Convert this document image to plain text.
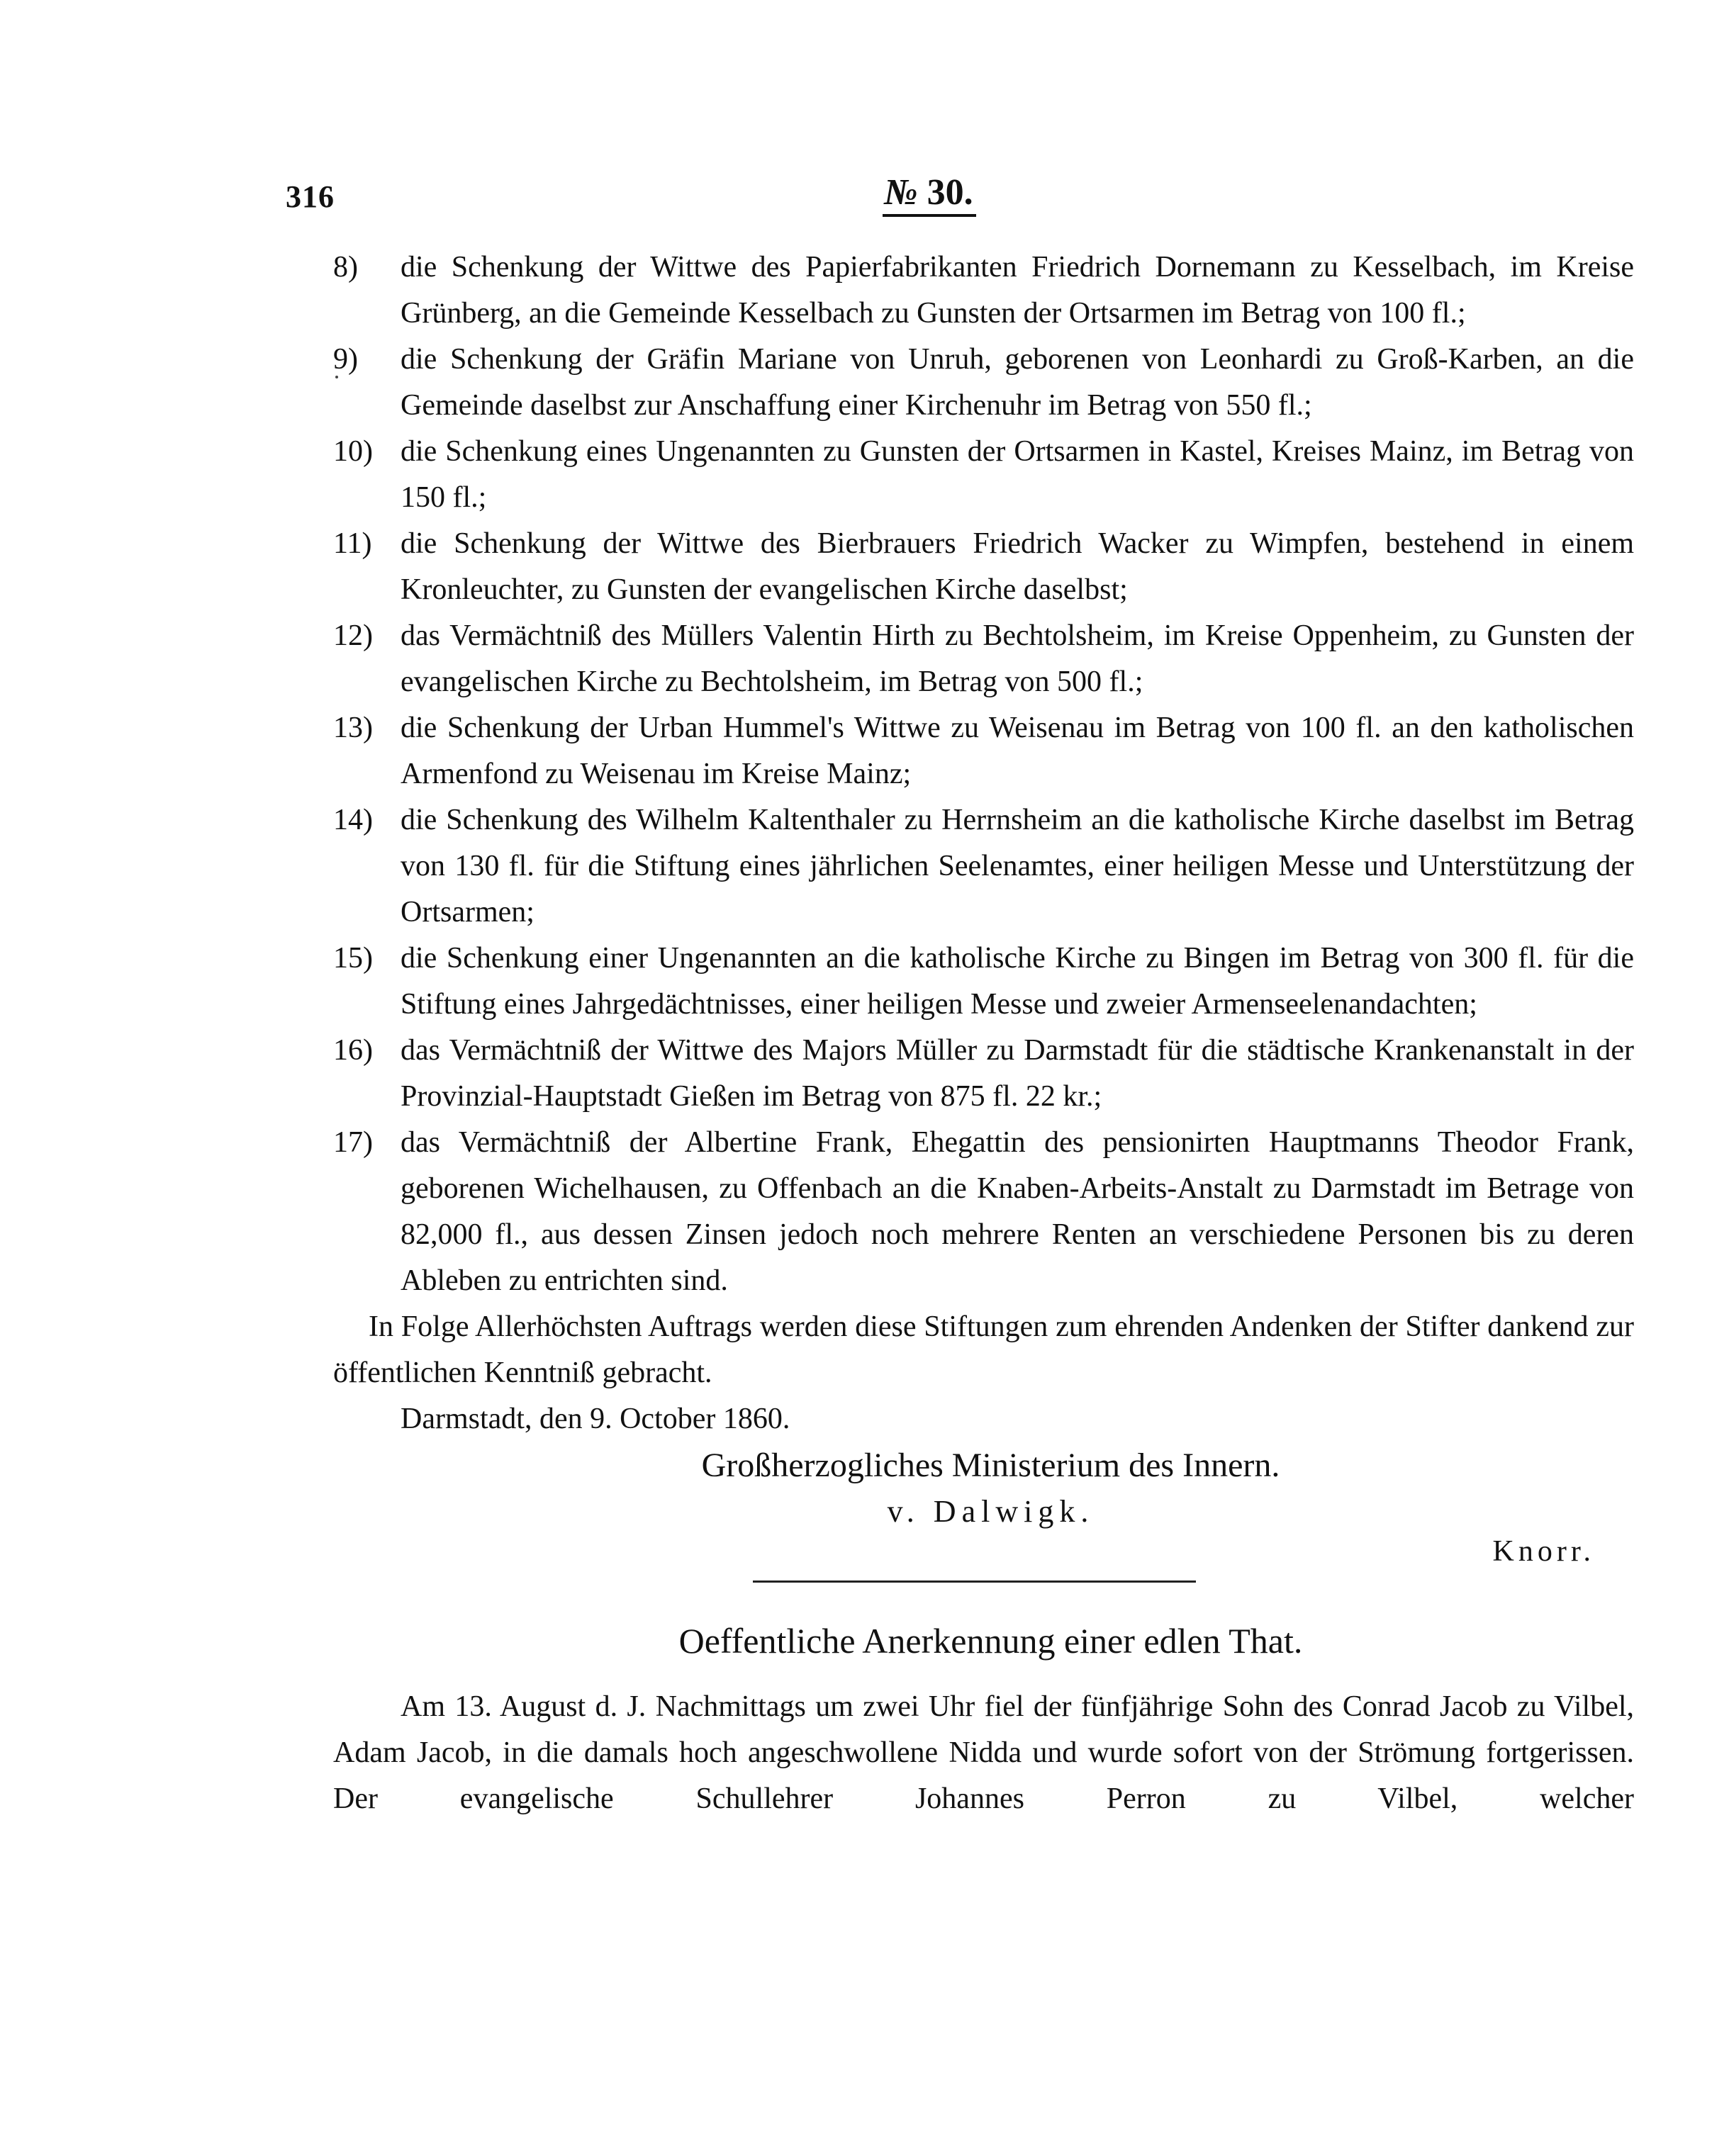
316	№ 30.
8)	die Schenkung der Wittwe des Papierfabrikanten Friedrich Dornemann zu Kesselbach, im Kreise Grünberg, an die Gemeinde Kesselbach zu Gunsten der Ortsarmen im Betrag von 100 fl.;
9)	die Schenkung der Gräfin Mariane von Unruh, geborenen von Leonhardi zu Groß-Karben, an die Gemeinde daselbst zur Anschaffung einer Kirchenuhr im Betrag von 550 fl.;
10) die Schenkung eines Ungenannten zu Gunsten der Ortsarmen in Kastel, Kreises Mainz, im Betrag von 150 fl.;
11) die Schenkung der Wittwe des Bierbrauers Friedrich Wacker zu Wimpfen, bestehend in einem Kronleuchter, zu Gunsten der evangelischen Kirche daselbst;
12) das Vermächtniß des Müllers Valentin Hirth zu Bechtolsheim, im Kreise Oppenheim, zu Gunsten der evangelischen Kirche zu Bechtolsheim, im Betrag von 500 fl.;
13) die Schenkung der Urban Hummel's Wittwe zu Weisenau im Betrag von 100 fl. an den katholischen Armenfond zu Weisenau im Kreise Mainz;
14) die Schenkung des Wilhelm Kaltenthaler zu Herrnsheim an die katholische Kirche daselbst im Betrag von 130 fl. für die Stiftung eines jährlichen Seelenamtes, einer heiligen Messe und Unterstützung der Ortsarmen;
15) die Schenkung einer Ungenannten an die katholische Kirche zu Bingen im Betrag von 300 fl. für die Stiftung eines Jahrgedächtnisses, einer heiligen Messe und zweier Armenseelenandachten;
16) das Vermächtniß der Wittwe des Majors Müller zu Darmstadt für die städtische Krankenanstalt in der Provinzial-Hauptstadt Gießen im Betrag von 875 fl. 22 kr.;
17) das Vermächtniß der Albertine Frank, Ehegattin des pensionirten Hauptmanns Theodor Frank, geborenen Wichelhausen, zu Offenbach an die Knaben-Arbeits-Anstalt zu Darmstadt im Betrage von 82,000 fl., aus dessen Zinsen jedoch noch mehrere Renten an verschiedene Personen bis zu deren Ableben zu entrichten sind.
In Folge Allerhöchsten Auftrags werden diese Stiftungen zum ehrenden Andenken der Stifter dankend zur öffentlichen Kenntniß gebracht.
Darmstadt, den 9. October 1860.
Großherzogliches Ministerium des Innern.
v. Dalwigk.
Knorr.
Oeffentliche Anerkennung einer edlen That.
Am 13. August d. J. Nachmittags um zwei Uhr fiel der fünfjährige Sohn des Conrad Jacob zu Vilbel, Adam Jacob, in die damals hoch angeschwollene Nidda und wurde sofort von der Strömung fortgerissen. Der evangelische Schullehrer Johannes Perron zu Vilbel, welcher
